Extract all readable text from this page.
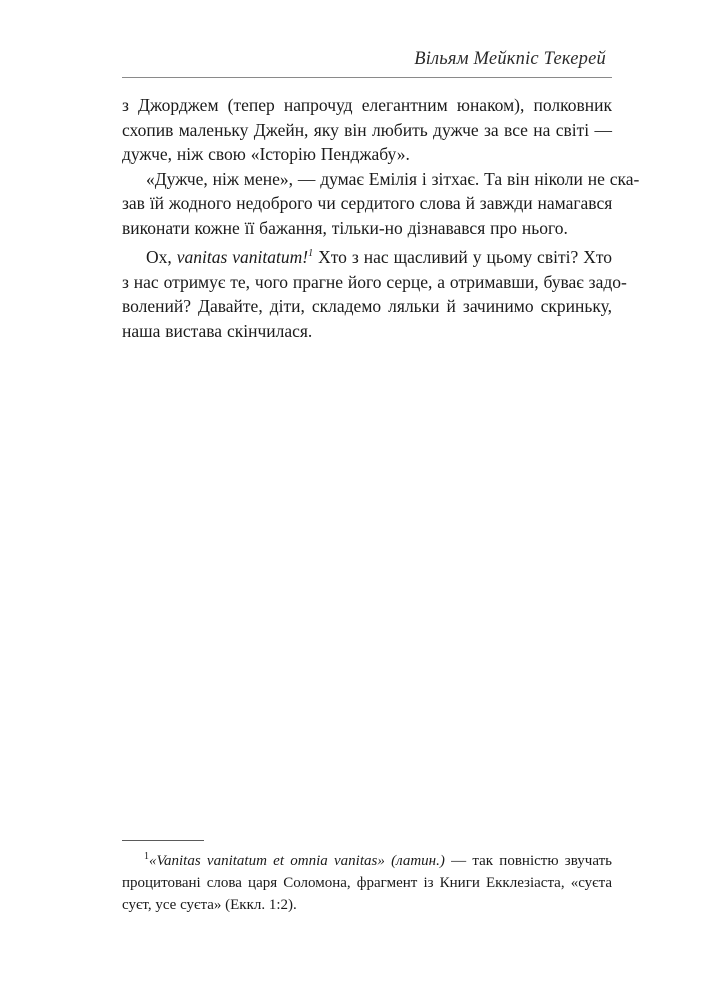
Вільям Мейкпіс Текерей
з Джорджем (тепер напрочуд елегантним юнаком), полковник
схопив маленьку Джейн, яку він любить дужче за все на світі —
дужче, ніж свою «Історію Пенджабу».
«Дужче, ніж мене», — думає Емілія і зітхає. Та він ніколи не ска-
зав їй жодного недоброго чи сердитого слова й завжди намагався
виконати кожне її бажання, тільки-но дізнавався про нього.
Ох, vanitas vanitatum!$^1$ Хто з нас щасливий у цьому світі? Хто
з нас отримує те, чого прагне його серце, а отримавши, буває задо-
волений? Давайте, діти, складемо ляльки й зачинимо скриньку,
наша вистава скінчилася.
$^1$«Vanitas vanitatum et omnia vanitas» (латин.) — так повністю звучать
процитовані слова царя Соломона, фрагмент із Книги Екклезіаста, «суєта
суєт, усе суєта» (Еккл. 1:2).
